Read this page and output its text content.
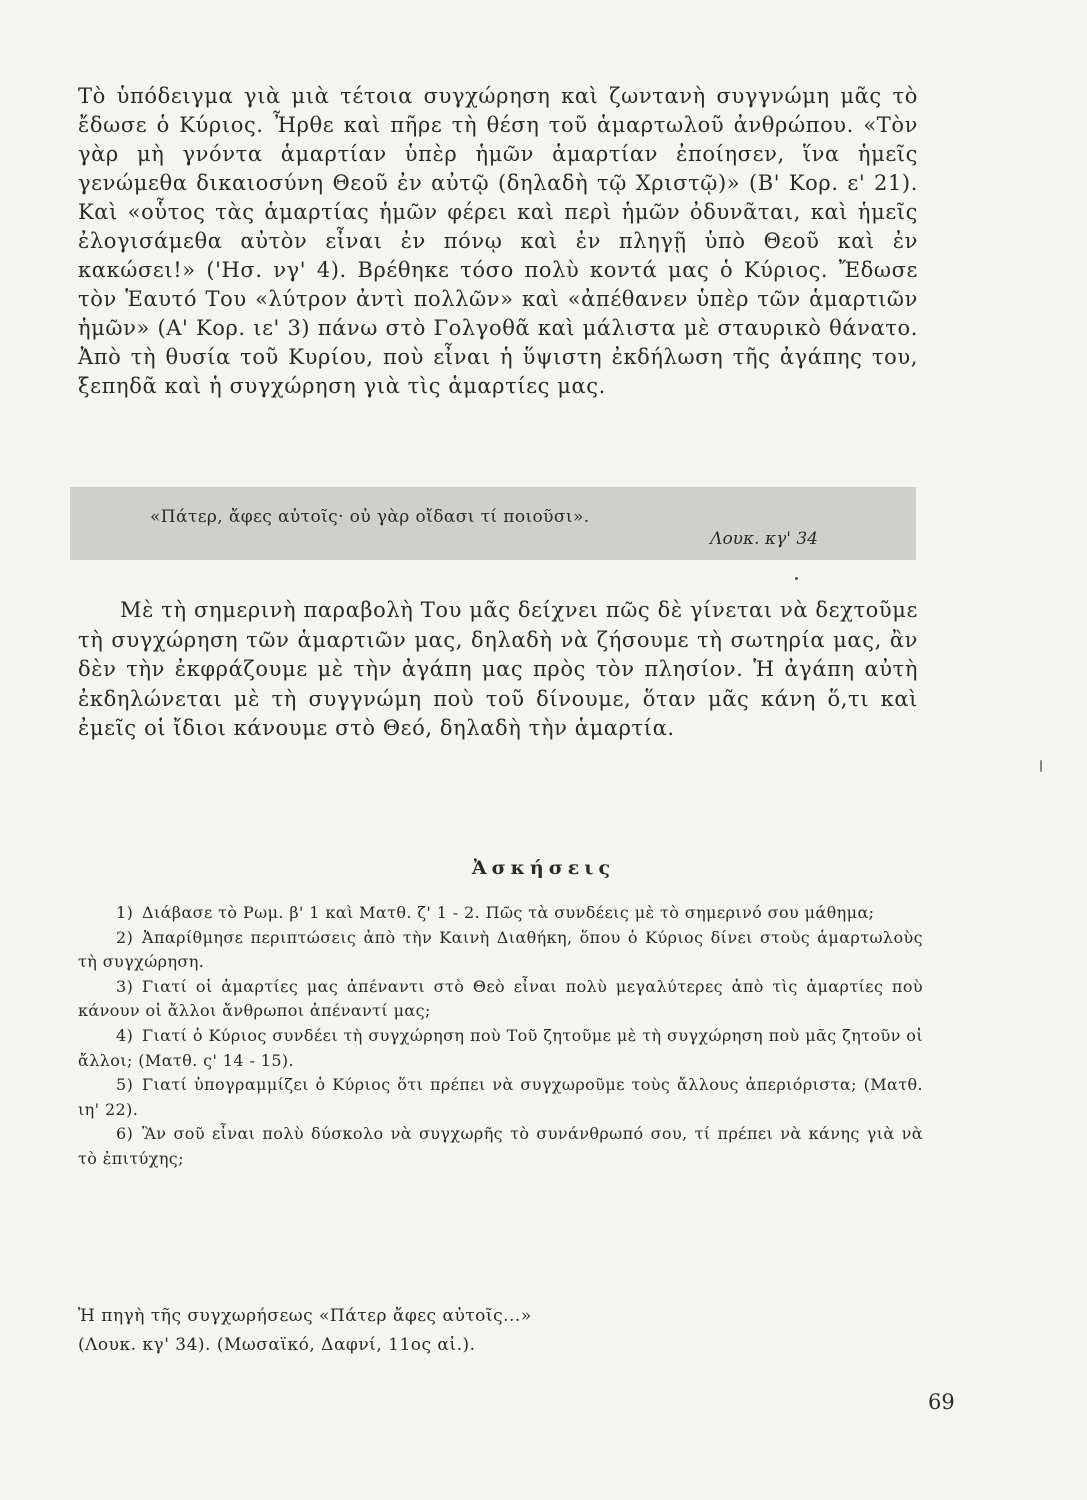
Τὸ ὑπόδειγμα γιὰ μιὰ τέτοια συγχώρηση καὶ ζωντανὴ συγγνώμη μᾶς τὸ ἔδωσε ὁ Κύριος. Ἦρθε καὶ πῆρε τὴ θέση τοῦ ἁμαρτωλοῦ ἀνθρώπου. «Τὸν γὰρ μὴ γνόντα ἁμαρτίαν ὑπὲρ ἡμῶν ἁμαρτίαν ἐποίησεν, ἵνα ἡμεῖς γενώμεθα δικαιοσύνη Θεοῦ ἐν αὐτῷ (δηλαδὴ τῷ Χριστῷ)» (Β' Κορ. ε' 21). Καὶ «οὗτος τὰς ἁμαρτίας ἡμῶν φέρει καὶ περὶ ἡμῶν ὀδυνᾶται, καὶ ἡμεῖς ἐλογισάμεθα αὐτὸν εἶναι ἐν πόνῳ καὶ ἐν πληγῇ ὑπὸ Θεοῦ καὶ ἐν κακώσει!» ('Ησ. νγ' 4). Βρέθηκε τόσο πολὺ κοντά μας ὁ Κύριος. Ἔδωσε τὸν Ἑαυτό Του «λύτρον ἀντὶ πολλῶν» καὶ «ἀπέθανεν ὑπὲρ τῶν ἁμαρτιῶν ἡμῶν» (Α' Κορ. ιε' 3) πάνω στὸ Γολγοθᾶ καὶ μάλιστα μὲ σταυρικὸ θάνατο. Ἀπὸ τὴ θυσία τοῦ Κυρίου, ποὺ εἶναι ἡ ὕψιστη ἐκδήλωση τῆς ἀγάπης του, ξεπηδᾶ καὶ ἡ συγχώρηση γιὰ τὶς ἁμαρτίες μας.

«Πάτερ, ἄφες αὐτοῖς· οὐ γὰρ οἴδασι τί ποιοῦσι».

Λουκ. κγ' 34

Μὲ τὴ σημερινὴ παραβολὴ Του μᾶς δείχνει πῶς δὲ γίνεται νὰ δεχτοῦμε τὴ συγχώρηση τῶν ἁμαρτιῶν μας, δηλαδὴ νὰ ζήσουμε τὴ σωτηρία μας, ἂν δὲν τὴν ἐκφράζουμε μὲ τὴν ἀγάπη μας πρὸς τὸν πλησίον. Ἡ ἀγάπη αὐτὴ ἐκδηλώνεται μὲ τὴ συγγνώμη ποὺ τοῦ δίνουμε, ὅταν μᾶς κάνη ὅ,τι καὶ ἐμεῖς οἱ ἴδιοι κάνουμε στὸ Θεό, δηλαδὴ τὴν ἁμαρτία.

Ἀσκήσεις
1) Διάβασε τὸ Ρωμ. β' 1 καὶ Ματθ. ζ' 1 - 2. Πῶς τὰ συνδέεις μὲ τὸ σημερινό σου μάθημα;
2) Ἀπαρίθμησε περιπτώσεις ἀπὸ τὴν Καινὴ Διαθήκη, ὅπου ὁ Κύριος δίνει στοὺς ἁμαρτωλοὺς τὴ συγχώρηση.
3) Γιατί οἱ ἁμαρτίες μας ἀπέναντι στὸ Θεὸ εἶναι πολὺ μεγαλύτερες ἀπὸ τὶς ἁμαρτίες ποὺ κάνουν οἱ ἄλλοι ἄνθρωποι ἀπέναντί μας;
4) Γιατί ὁ Κύριος συνδέει τὴ συγχώρηση ποὺ Τοῦ ζητοῦμε μὲ τὴ συγχώρηση ποὺ μᾶς ζητοῦν οἱ ἄλλοι; (Ματθ. ς' 14 - 15).
5) Γιατί ὑπογραμμίζει ὁ Κύριος ὅτι πρέπει νὰ συγχωροῦμε τοὺς ἄλλους ἀπεριόριστα; (Ματθ. ιη' 22).
6) Ἂν σοῦ εἶναι πολὺ δύσκολο νὰ συγχωρῆς τὸ συνάνθρωπό σου, τί πρέπει νὰ κάνης γιὰ νὰ τὸ ἐπιτύχης;

Ἡ πηγὴ τῆς συγχωρήσεως «Πάτερ ἄφες αὐτοῖς...»
(Λουκ. κγ' 34). (Μωσαϊκό, Δαφνί, 11ος αἰ.).

69
